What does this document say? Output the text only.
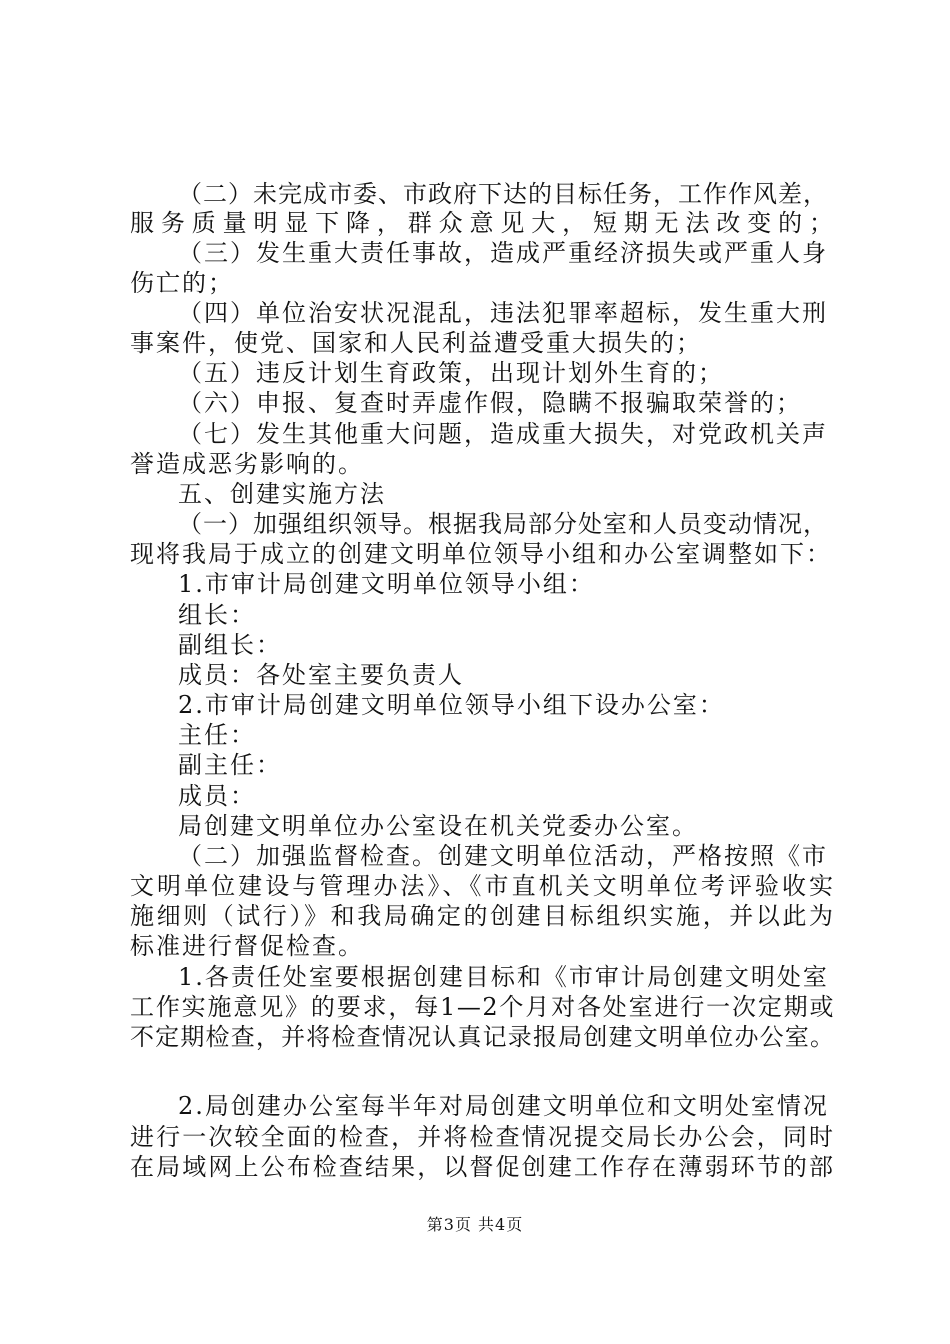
（二）未完成市委、市政府下达的目标任务，工作作风差，
服务质量明显下降，群众意见大，短期无法改变的；
（三）发生重大责任事故，造成严重经济损失或严重人身
伤亡的；
（四）单位治安状况混乱，违法犯罪率超标，发生重大刑
事案件，使党、国家和人民利益遭受重大损失的；
（五）违反计划生育政策，出现计划外生育的；
（六）申报、复查时弄虚作假，隐瞒不报骗取荣誉的；
（七）发生其他重大问题，造成重大损失，对党政机关声
誉造成恶劣影响的。
五、创建实施方法
（一）加强组织领导。根据我局部分处室和人员变动情况，
现将我局于成立的创建文明单位领导小组和办公室调整如下：
1.市审计局创建文明单位领导小组：
组长：
副组长：
成员：各处室主要负责人
2.市审计局创建文明单位领导小组下设办公室：
主任：
副主任：
成员：
局创建文明单位办公室设在机关党委办公室。
（二）加强监督检查。创建文明单位活动，严格按照《市
文明单位建设与管理办法》、《市直机关文明单位考评验收实
施细则（试行）》和我局确定的创建目标组织实施，并以此为
标准进行督促检查。
1.各责任处室要根据创建目标和《市审计局创建文明处室
工作实施意见》的要求，每1—2个月对各处室进行一次定期或
不定期检查，并将检查情况认真记录报局创建文明单位办公室。
2.局创建办公室每半年对局创建文明单位和文明处室情况
进行一次较全面的检查，并将检查情况提交局长办公会，同时
在局域网上公布检查结果，以督促创建工作存在薄弱环节的部
第3页 共4页
